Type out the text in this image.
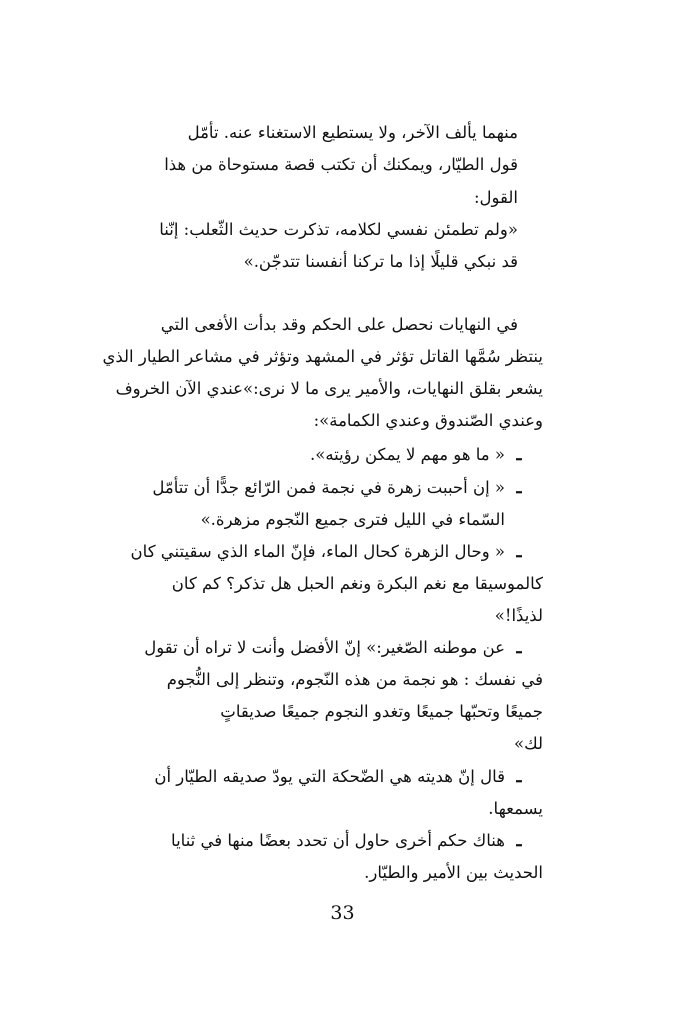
منهما يألف الآخر، ولا يستطيع الاستغناء عنه. تأمّل
قول الطيّار، ويمكنك أن تكتب قصة مستوحاة من هذا
القول:
«ولم تطمئن نفسي لكلامه، تذكرت حديث الثّعلب: إنّنا
قد نبكي قليلًا إذا ما تركنا أنفسنا تتدجّن.»
في النهايات نحصل على الحكم وقد بدأت الأفعى التي
ينتظر سُمَّها القاتل تؤثر في المشهد وتؤثر في مشاعر الطيار الذي
يشعر بقلق النهايات، والأمير يرى ما لا نرى:»عندي الآن الخروف
وعندي الصّندوق وعندي الكمامة»:
ـ
« ما هو مهم لا يمكن رؤيته».
ـ
« إن أحببت زهرة في نجمة فمن الرّائع جدًّا أن تتأمّل
السّماء في الليل فترى جميع النّجوم مزهرة.»
ـ
« وحال الزهرة كحال الماء، فإنّ الماء الذي سقيتني كان
كالموسيقا مع نغم البكرة ونغم الحبل هل تذكر؟ كم كان
لذيذًا!»
ـ
عن موطنه الصّغير:» إنّ الأفضل وأنت لا تراه أن تقول
في نفسك : هو نجمة من هذه النّجوم، وتنظر إلى النُّجوم
جميعًا وتحبّها جميعًا وتغدو النجوم جميعًا صديقاتٍ
لك»
ـ
قال إنّ هديته هي الضّحكة التي يودّ صديقه الطيّار أن
يسمعها.
ـ
هناك حكم أخرى حاول أن تحدد بعضًا منها في ثنايا
الحديث بين الأمير والطيّار.
33
